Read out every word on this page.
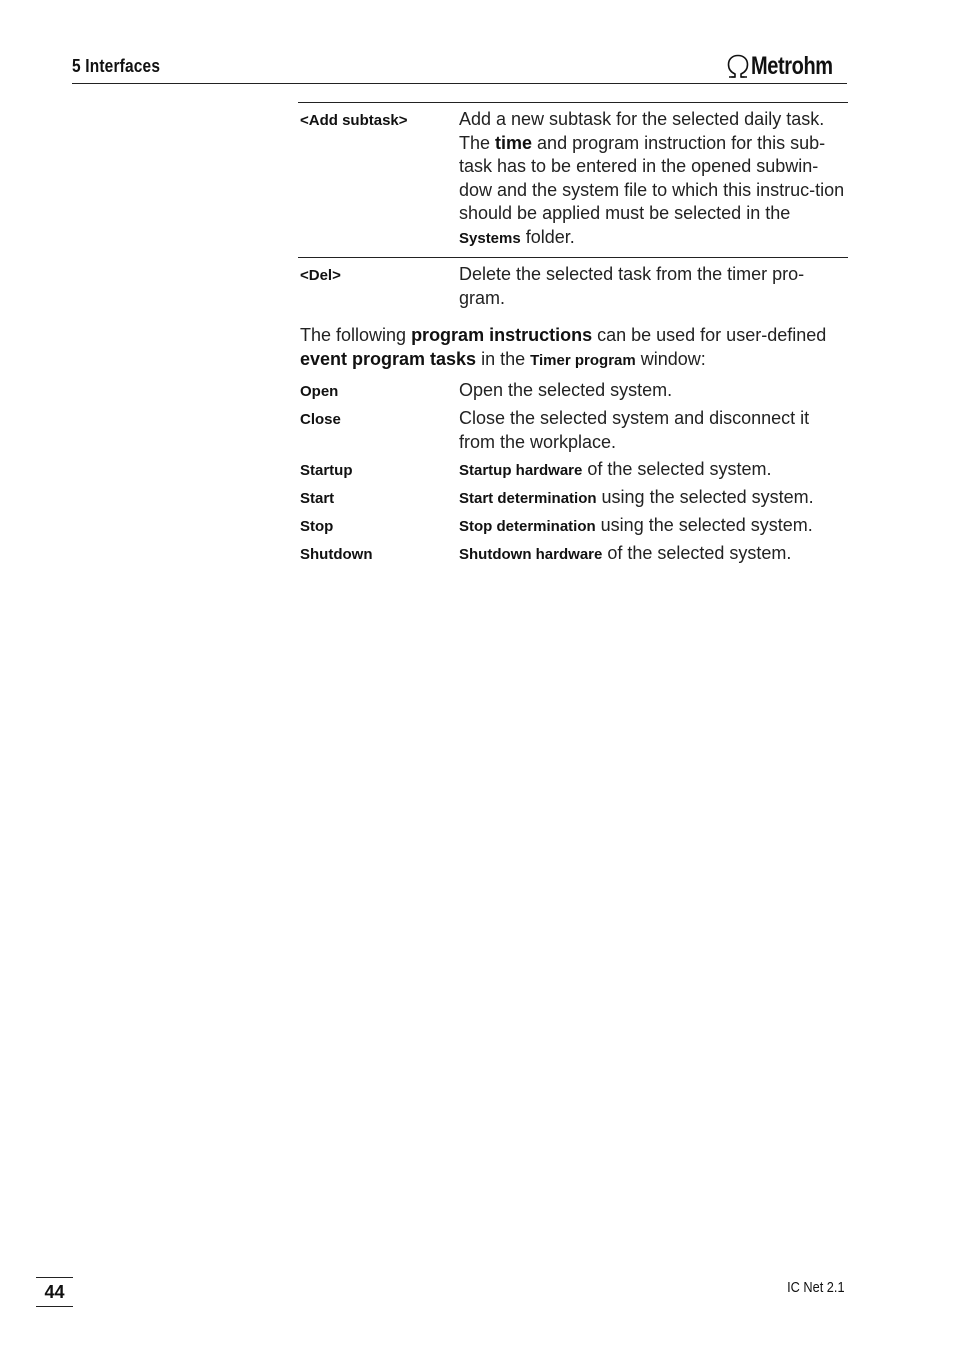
5 Interfaces	Metrohm
<Add subtask>	Add a new subtask for the selected daily task. The time and program instruction for this sub-task has to be entered in the opened subwin-dow and the system file to which this instruc-tion should be applied must be selected in the Systems folder.
<Del>	Delete the selected task from the timer pro-gram.
The following program instructions can be used for user-defined event program tasks in the Timer program window:
Open	Open the selected system.
Close	Close the selected system and disconnect it from the workplace.
Startup	Startup hardware of the selected system.
Start	Start determination using the selected system.
Stop	Stop determination using the selected system.
Shutdown	Shutdown hardware of the selected system.
44	IC Net 2.1
